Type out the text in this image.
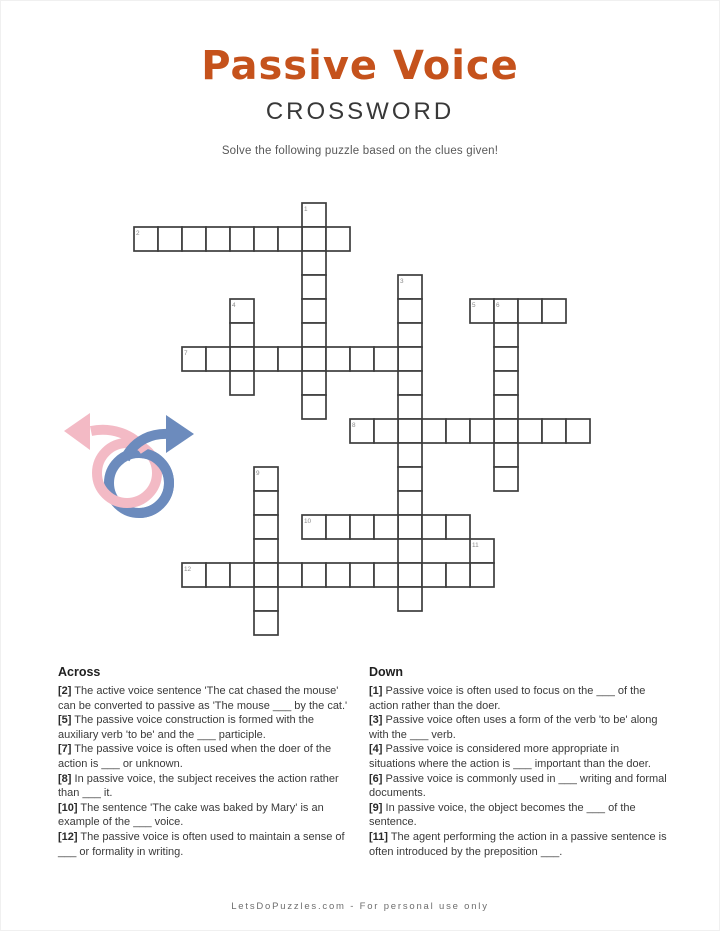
Passive Voice
CROSSWORD
Solve the following puzzle based on the clues given!
1
2
3
4	5	6
7
8
9
10
11
12
Across
[2] The active voice sentence 'The cat chased the mouse' can be converted to passive as 'The mouse ___ by the cat.'
[5] The passive voice construction is formed with the auxiliary verb 'to be' and the ___ participle.
[7] The passive voice is often used when the doer of the action is ___ or unknown.
[8] In passive voice, the subject receives the action rather than ___ it.
[10] The sentence 'The cake was baked by Mary' is an example of the ___ voice.
[12] The passive voice is often used to maintain a sense of ___ or formality in writing.
Down
[1] Passive voice is often used to focus on the ___ of the action rather than the doer.
[3] Passive voice often uses a form of the verb 'to be' along with the ___ verb.
[4] Passive voice is considered more appropriate in situations where the action is ___ important than the doer.
[6] Passive voice is commonly used in ___ writing and formal documents.
[9] In passive voice, the object becomes the ___ of the sentence.
[11] The agent performing the action in a passive sentence is often introduced by the preposition ___.
LetsDoPuzzles.com - For personal use only
